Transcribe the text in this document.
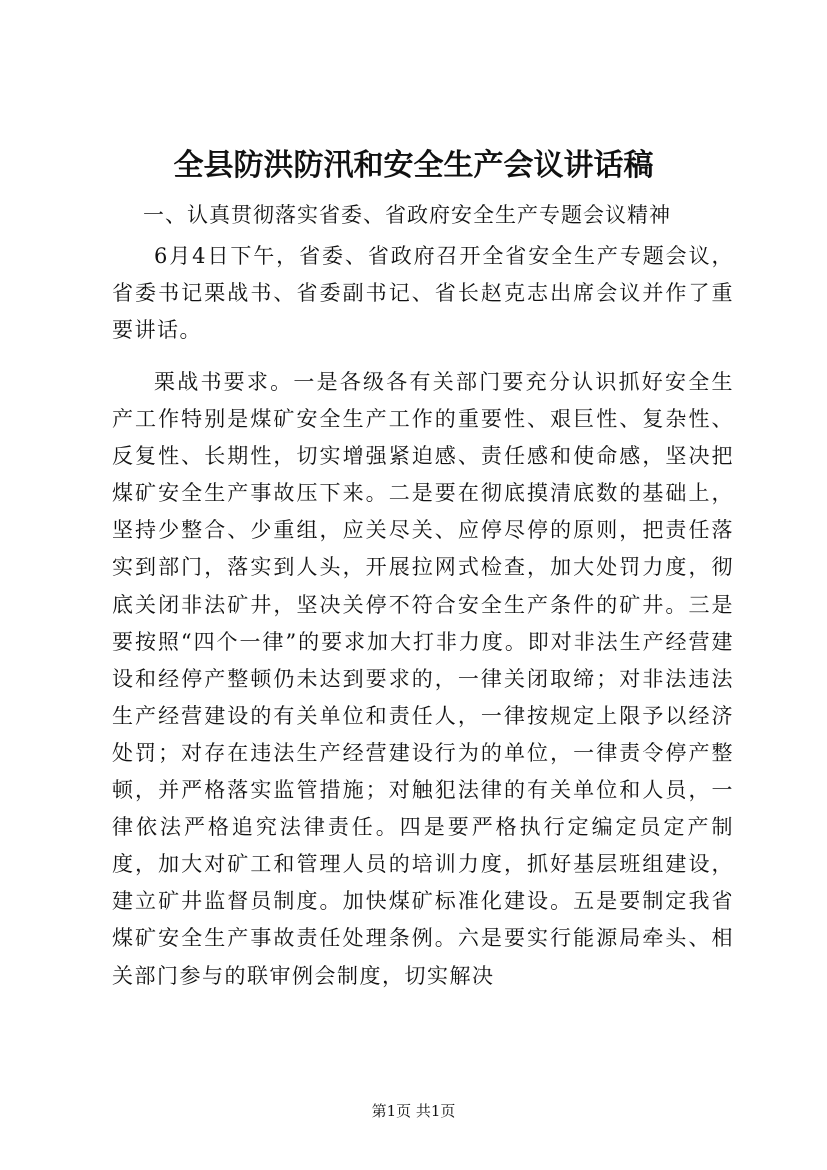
全县防洪防汛和安全生产会议讲话稿

一、认真贯彻落实省委、省政府安全生产专题会议精神

6月4日下午，省委、省政府召开全省安全生产专题会议，省委书记栗战书、省委副书记、省长赵克志出席会议并作了重要讲话。

栗战书要求。一是各级各有关部门要充分认识抓好安全生产工作特别是煤矿安全生产工作的重要性、艰巨性、复杂性、反复性、长期性，切实增强紧迫感、责任感和使命感，坚决把煤矿安全生产事故压下来。二是要在彻底摸清底数的基础上，坚持少整合、少重组，应关尽关、应停尽停的原则，把责任落实到部门，落实到人头，开展拉网式检查，加大处罚力度，彻底关闭非法矿井，坚决关停不符合安全生产条件的矿井。三是要按照“四个一律”的要求加大打非力度。即对非法生产经营建设和经停产整顿仍未达到要求的，一律关闭取缔；对非法违法生产经营建设的有关单位和责任人，一律按规定上限予以经济处罚；对存在违法生产经营建设行为的单位，一律责令停产整顿，并严格落实监管措施；对触犯法律的有关单位和人员，一律依法严格追究法律责任。四是要严格执行定编定员定产制度，加大对矿工和管理人员的培训力度，抓好基层班组建设，建立矿井监督员制度。加快煤矿标准化建设。五是要制定我省煤矿安全生产事故责任处理条例。六是要实行能源局牵头、相关部门参与的联审例会制度，切实解决

第1页 共1页
